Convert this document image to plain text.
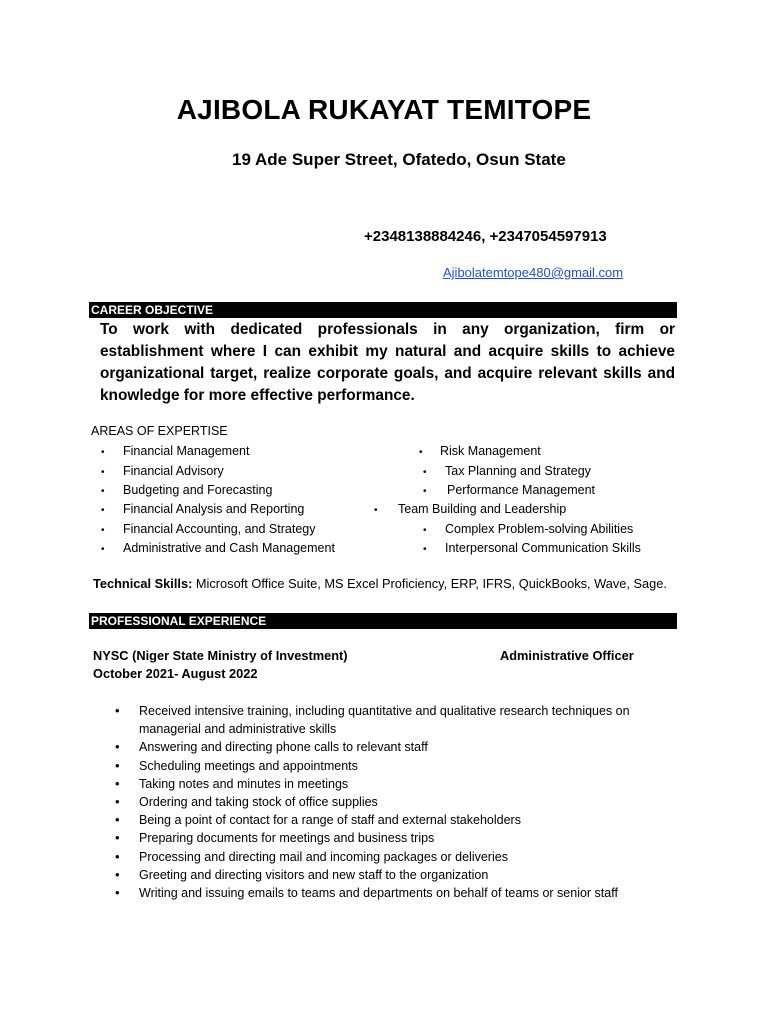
AJIBOLA RUKAYAT TEMITOPE
19 Ade Super Street, Ofatedo, Osun State
+2348138884246, +2347054597913
Ajibolatemtope480@gmail.com
CAREER OBJECTIVE
To work with dedicated professionals in any organization, firm or establishment where I can exhibit my natural and acquire skills to achieve organizational target, realize corporate goals, and acquire relevant skills and knowledge for more effective performance.
AREAS OF EXPERTISE
• Financial Management
• Financial Advisory
• Budgeting and Forecasting
• Financial Analysis and Reporting
• Financial Accounting, and Strategy
• Administrative and Cash Management
• Risk Management
• Tax Planning and Strategy
• Performance Management
• Team Building and Leadership
• Complex Problem-solving Abilities
• Interpersonal Communication Skills
Technical Skills: Microsoft Office Suite, MS Excel Proficiency, ERP, IFRS, QuickBooks, Wave, Sage.
PROFESSIONAL EXPERIENCE
NYSC (Niger State Ministry of Investment)	Administrative Officer
October 2021- August 2022
• Received intensive training, including quantitative and qualitative research techniques on managerial and administrative skills
• Answering and directing phone calls to relevant staff
• Scheduling meetings and appointments
• Taking notes and minutes in meetings
• Ordering and taking stock of office supplies
• Being a point of contact for a range of staff and external stakeholders
• Preparing documents for meetings and business trips
• Processing and directing mail and incoming packages or deliveries
• Greeting and directing visitors and new staff to the organization
• Writing and issuing emails to teams and departments on behalf of teams or senior staff
